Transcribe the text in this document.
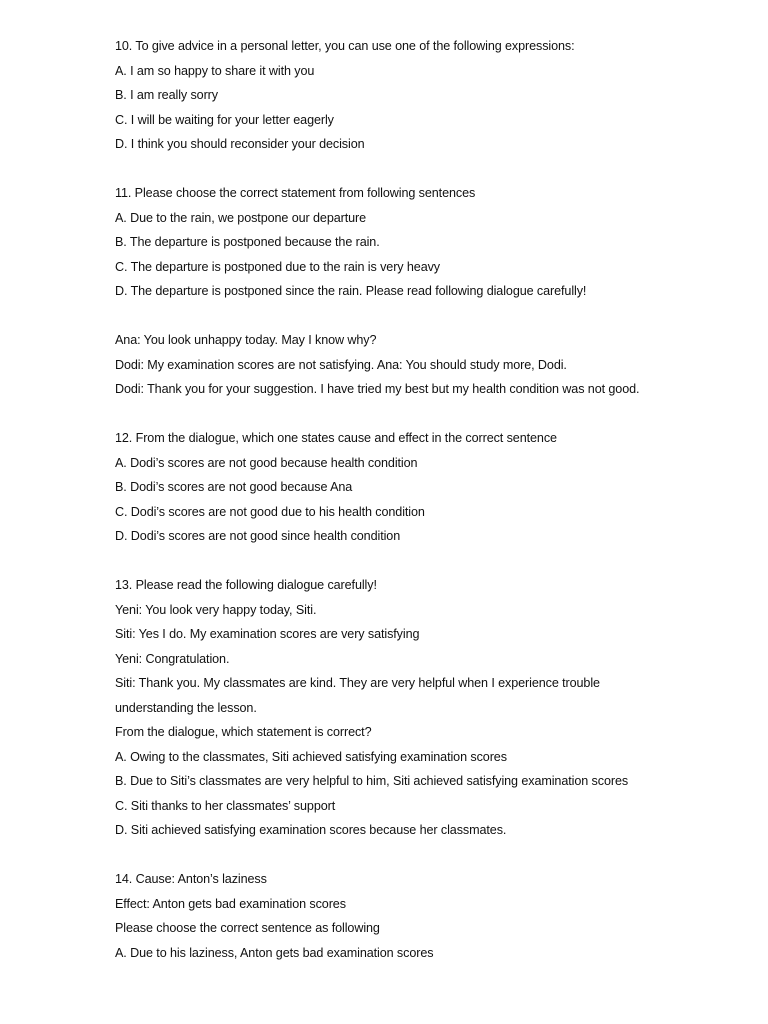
10. To give advice in a personal letter, you can use one of the following expressions:
A. I am so happy to share it with you
B. I am really sorry
C. I will be waiting for your letter eagerly
D. I think you should reconsider your decision
11. Please choose the correct statement from following sentences
A. Due to the rain, we postpone our departure
B. The departure is postponed because the rain.
C. The departure is postponed due to the rain is very heavy
D. The departure is postponed since the rain. Please read following dialogue carefully!
Ana: You look unhappy today. May I know why?
Dodi: My examination scores are not satisfying. Ana: You should study more, Dodi.
Dodi: Thank you for your suggestion. I have tried my best but my health condition was not good.
12. From the dialogue, which one states cause and effect in the correct sentence
A. Dodi’s scores are not good because health condition
B. Dodi’s scores are not good because Ana
C. Dodi’s scores are not good due to his health condition
D. Dodi’s scores are not good since health condition
13. Please read the following dialogue carefully!
Yeni: You look very happy today, Siti.
Siti: Yes I do. My examination scores are very satisfying
Yeni: Congratulation.
Siti: Thank you. My classmates are kind. They are very helpful when I experience trouble
understanding the lesson.
From the dialogue, which statement is correct?
A. Owing to the classmates, Siti achieved satisfying examination scores
B. Due to Siti’s classmates are very helpful to him, Siti achieved satisfying examination scores
C. Siti thanks to her classmates’ support
D. Siti achieved satisfying examination scores because her classmates.
14. Cause: Anton’s laziness
Effect: Anton gets bad examination scores
Please choose the correct sentence as following
A. Due to his laziness, Anton gets bad examination scores
